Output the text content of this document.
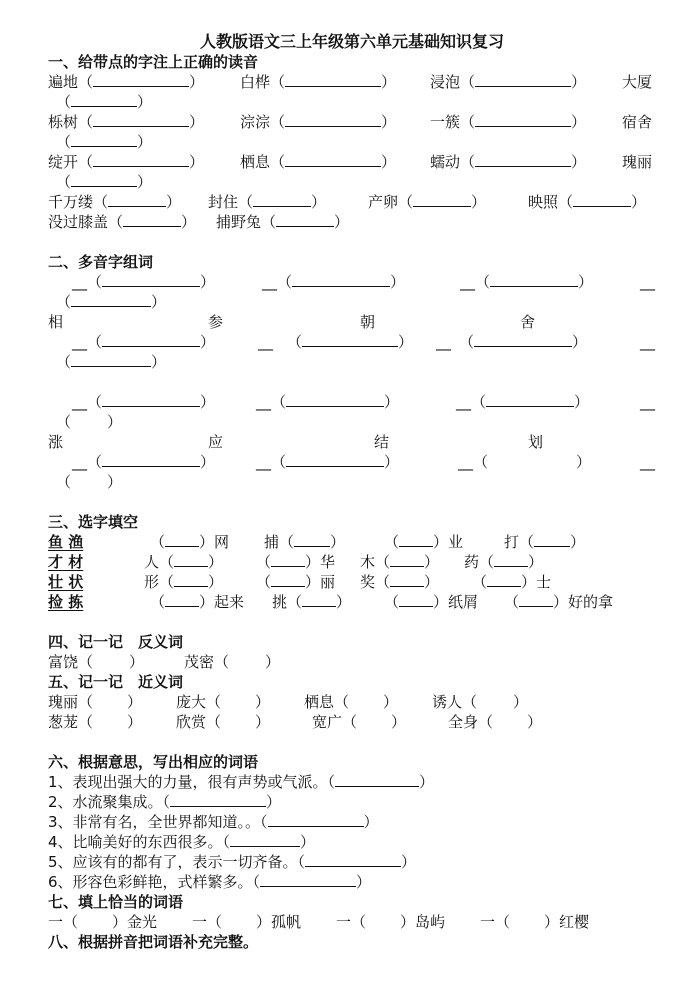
人教版语文三上年级第六单元基础知识复习
一、给带点的字注上正确的读音
遍地（	） 白桦（	） 浸泡（	） 大厦
（	）
栎树（	） 淙淙（	） 一簇（	） 宿舍
（	）
绽开（	） 栖息（	） 蠕动（	） 瑰丽
（	）
千万缕（	） 封住（	）	产卵（	）	映照（	）
没过膝盖（	） 捕野兔（	）
二、多音字组词
__（	）	__（	）	__（	）	__
（	）
相	参	朝	舍
__（	）	__ （	） __ （	）	__
（	）
__（	）	__（	）	__（	）	__
（ ）
涨	应	结	划
__（	）	__（	）	__（	）	__
（ ）
三、选字填空
鱼 渔	（ ）网 捕（ ）	（ ）业	打（ ）
才 材	人（ ） （ ）华 木（ ） 药（ ）
壮 状	形（ ） （ ）丽 奖（ ） （ ）士
捡 拣	（ ）起来 挑（ ） （ ）纸屑 （ ）好的拿
四、记一记　反义词
富饶（ ）	茂密（ ）
五、记一记　近义词
瑰丽（ ） 庞大（ ） 栖息（ ） 诱人（ ）
葱茏（ ） 欣赏（ ）	宽广（ ）	全身（ ）
六、根据意思，写出相应的词语
1、表现出强大的力量，很有声势或气派。（	）
2、水流聚集成。（	）
3、非常有名，全世界都知道。。（	）
4、比喻美好的东西很多。（	）
5、应该有的都有了，表示一切齐备。（	）
6、形容色彩鲜艳，式样繁多。（	）
七、填上恰当的词语
一（ ）金光 一（ ）孤帆 一（ ）岛屿 一（ ）红樱
八、根据拼音把词语补充完整。
